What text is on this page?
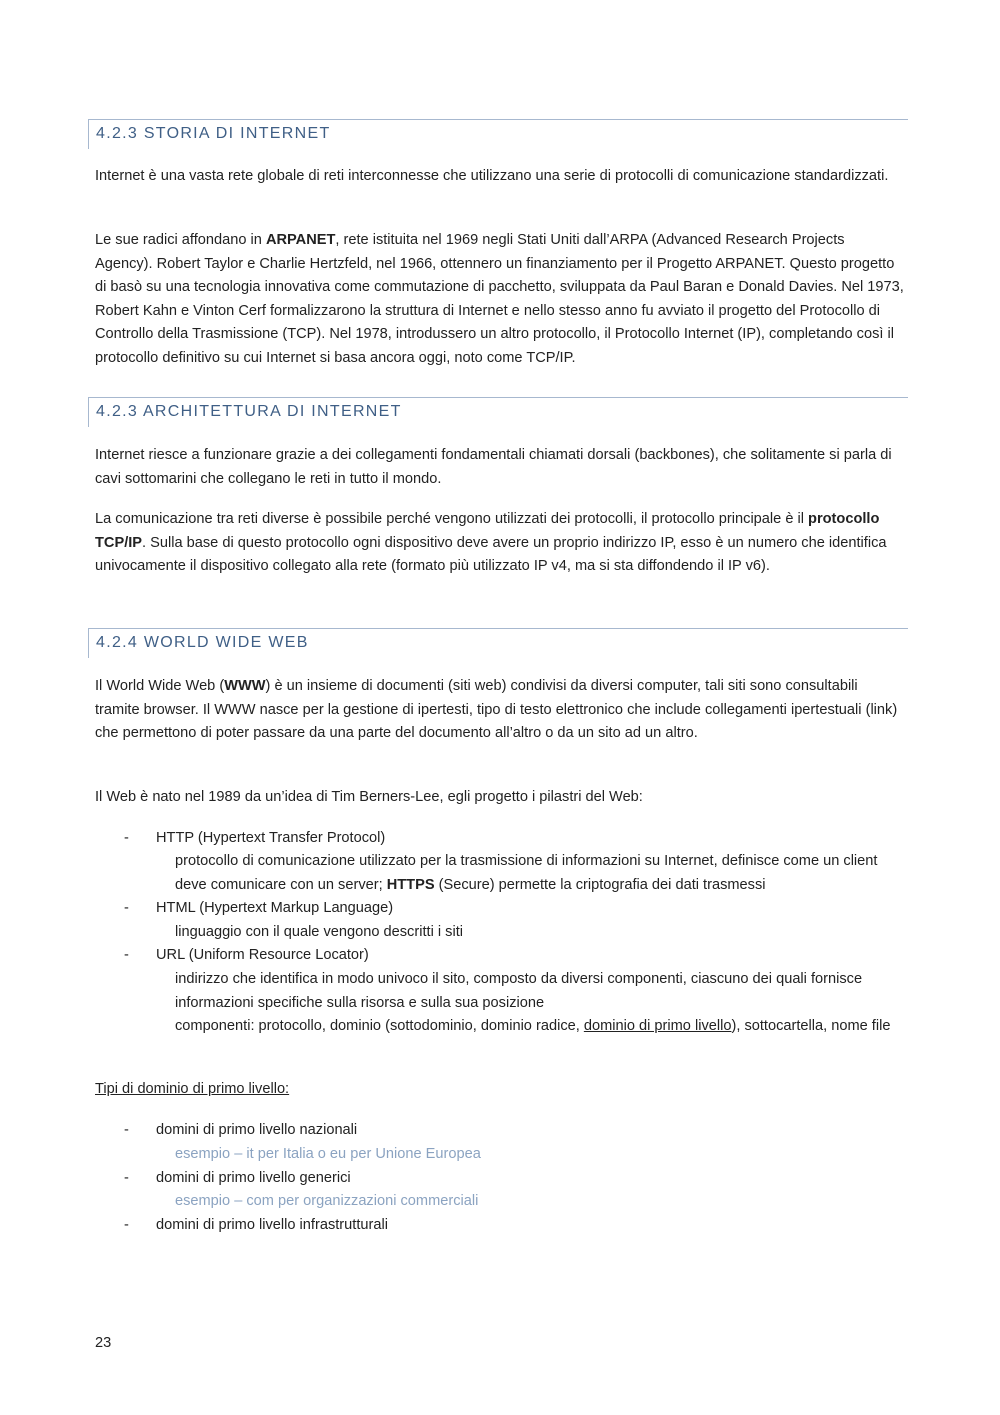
4.2.3 STORIA DI INTERNET

Internet è una vasta rete globale di reti interconnesse che utilizzano una serie di protocolli di comunicazione standardizzati.

Le sue radici affondano in ARPANET, rete istituita nel 1969 negli Stati Uniti dall’ARPA (Advanced Research Projects Agency). Robert Taylor e Charlie Hertzfeld, nel 1966, ottennero un finanziamento per il Progetto ARPANET. Questo progetto di basò su una tecnologia innovativa come commutazione di pacchetto, sviluppata da Paul Baran e Donald Davies. Nel 1973, Robert Kahn e Vinton Cerf formalizzarono la struttura di Internet e nello stesso anno fu avviato il progetto del Protocollo di Controllo della Trasmissione (TCP). Nel 1978, introdussero un altro protocollo, il Protocollo Internet (IP), completando così il protocollo definitivo su cui Internet si basa ancora oggi, noto come TCP/IP.

4.2.3 ARCHITETTURA DI INTERNET

Internet riesce a funzionare grazie a dei collegamenti fondamentali chiamati dorsali (backbones), che solitamente si parla di cavi sottomarini che collegano le reti in tutto il mondo.

La comunicazione tra reti diverse è possibile perché vengono utilizzati dei protocolli, il protocollo principale è il protocollo TCP/IP. Sulla base di questo protocollo ogni dispositivo deve avere un proprio indirizzo IP, esso è un numero che identifica univocamente il dispositivo collegato alla rete (formato più utilizzato IP v4, ma si sta diffondendo il IP v6).

4.2.4 WORLD WIDE WEB

Il World Wide Web (WWW) è un insieme di documenti (siti web) condivisi da diversi computer, tali siti sono consultabili tramite browser. Il WWW nasce per la gestione di ipertesti, tipo di testo elettronico che include collegamenti ipertestuali (link) che permettono di poter passare da una parte del documento all’altro o da un sito ad un altro.

Il Web è nato nel 1989 da un’idea di Tim Berners-Lee, egli progetto i pilastri del Web:

- HTTP (Hypertext Transfer Protocol)

protocollo di comunicazione utilizzato per la trasmissione di informazioni su Internet, definisce come un client deve comunicare con un server; HTTPS (Secure) permette la criptografia dei dati trasmessi

- HTML (Hypertext Markup Language)

linguaggio con il quale vengono descritti i siti

- URL (Uniform Resource Locator)

indirizzo che identifica in modo univoco il sito, composto da diversi componenti, ciascuno dei quali fornisce informazioni specifiche sulla risorsa e sulla sua posizione

componenti: protocollo, dominio (sottodominio, dominio radice, dominio di primo livello), sottocartella, nome file

Tipi di dominio di primo livello:

- domini di primo livello nazionali

esempio – it per Italia o eu per Unione Europea

- domini di primo livello generici

esempio – com per organizzazioni commerciali

- domini di primo livello infrastrutturali
23
